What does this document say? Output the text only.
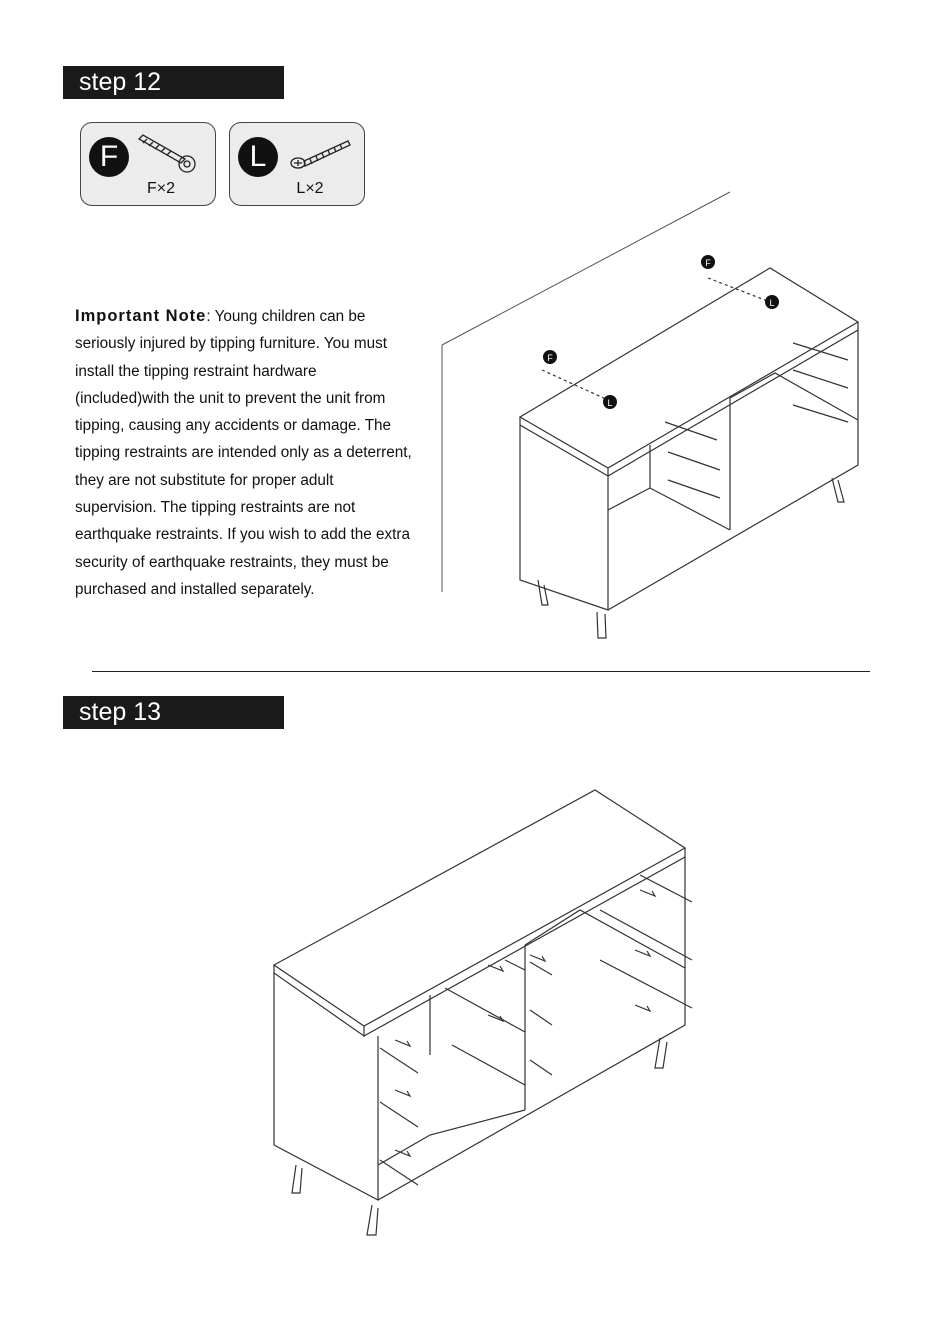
step 12
F
F×2
L
L×2
Important Note: Young children can be seriously injured by tipping furniture. You must install the tipping restraint hardware (included)with the unit to prevent the unit from tipping, causing any accidents or damage. The tipping restraints are intended only as a deterrent, they are not substitute for proper adult supervision. The tipping restraints are not earthquake restraints. If you wish to add the extra security of earthquake restraints, they must be purchased and installed separately.
F
L
F
L
step 13
